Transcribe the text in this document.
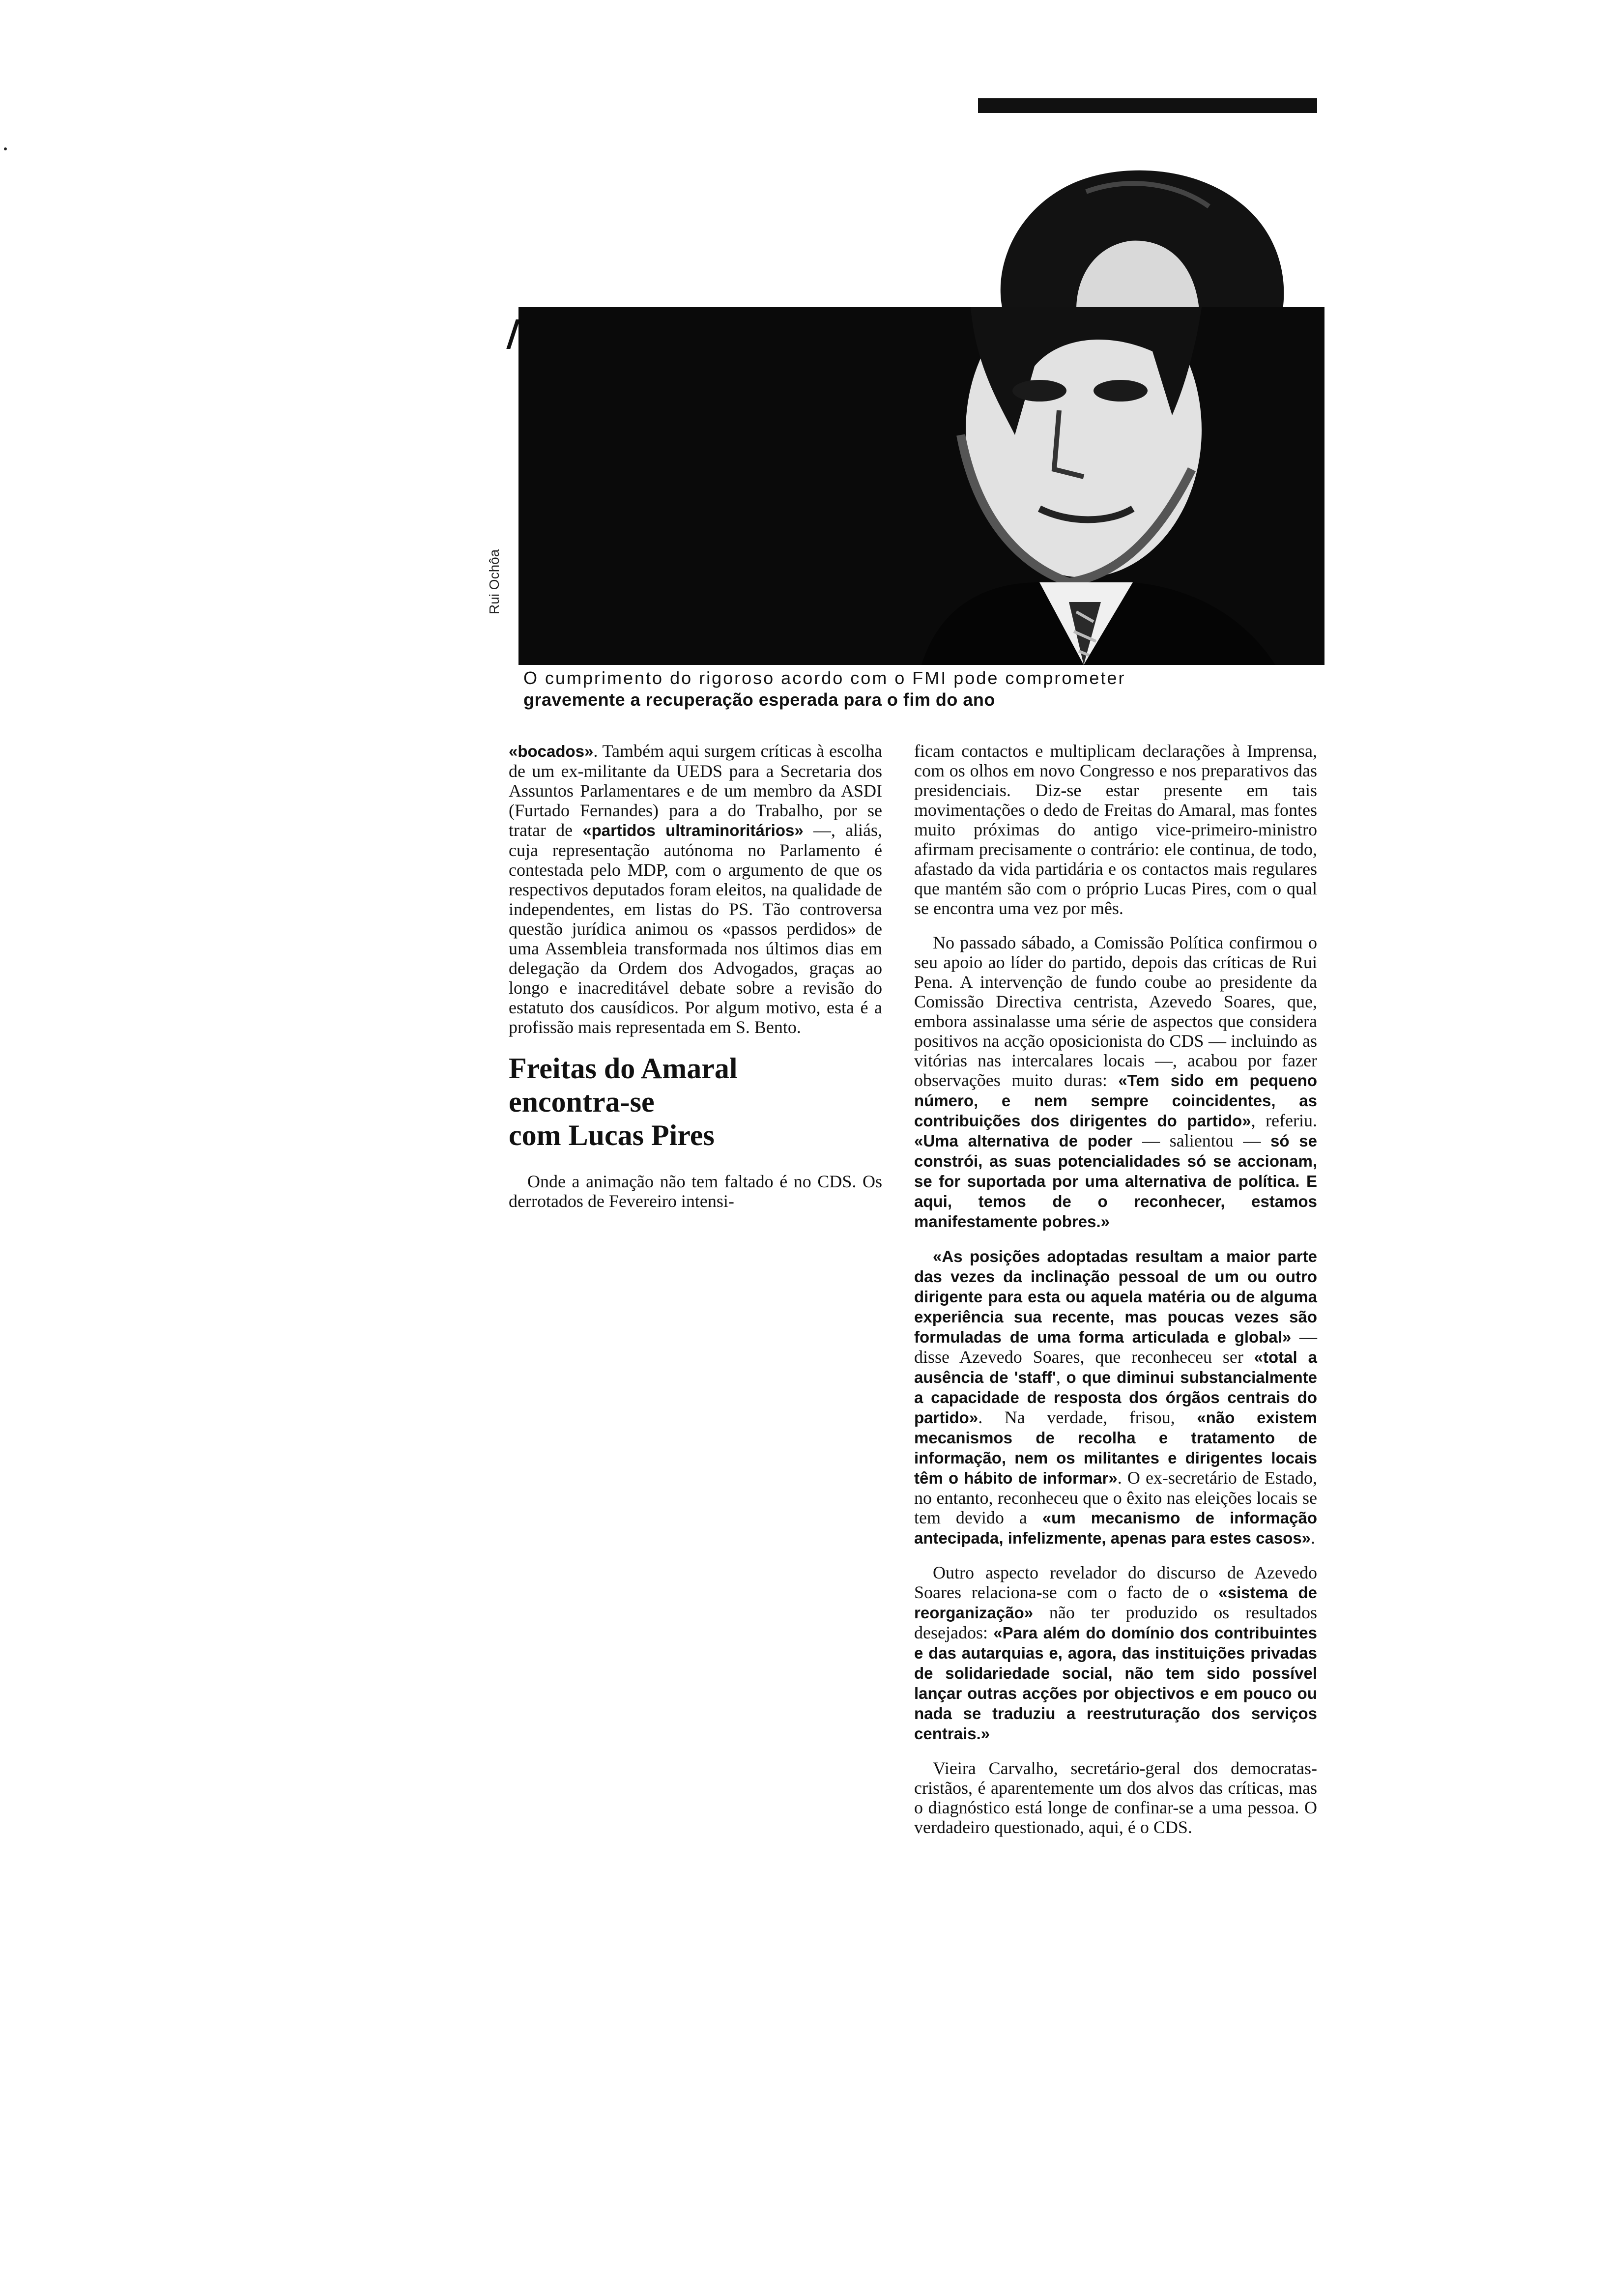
Rui Ochôa
O cumprimento do rigoroso acordo com o FMI pode comprometer
gravemente a recuperação esperada para o fim do ano

«bocados». Também aqui surgem críticas à escolha de um ex-militante da UEDS para a Secretaria dos Assuntos Parlamentares e de um membro da ASDI (Furtado Fernandes) para a do Trabalho, por se tratar de «partidos ultraminoritários» —, aliás, cuja representação autónoma no Parlamento é contestada pelo MDP, com o argumento de que os respectivos deputados foram eleitos, na qualidade de independentes, em listas do PS. Tão controversa questão jurídica animou os «passos perdidos» de uma Assembleia transformada nos últimos dias em delegação da Ordem dos Advogados, graças ao longo e inacreditável debate sobre a revisão do estatuto dos causídicos. Por algum motivo, esta é a profissão mais representada em S. Bento.

Freitas do Amaral
encontra-se
com Lucas Pires

Onde a animação não tem faltado é no CDS. Os derrotados de Fevereiro intensi-

ficam contactos e multiplicam declarações à Imprensa, com os olhos em novo Congresso e nos preparativos das presidenciais. Diz-se estar presente em tais movimentações o dedo de Freitas do Amaral, mas fontes muito próximas do antigo vice-primeiro-ministro afirmam precisamente o contrário: ele continua, de todo, afastado da vida partidária e os contactos mais regulares que mantém são com o próprio Lucas Pires, com o qual se encontra uma vez por mês.

No passado sábado, a Comissão Política confirmou o seu apoio ao líder do partido, depois das críticas de Rui Pena. A intervenção de fundo coube ao presidente da Comissão Directiva centrista, Azevedo Soares, que, embora assinalasse uma série de aspectos que considera positivos na acção oposicionista do CDS — incluindo as vitórias nas intercalares locais —, acabou por fazer observações muito duras: «Tem sido em pequeno número, e nem sempre coincidentes, as contribuições dos dirigentes do partido», referiu. «Uma alternativa de poder — salientou — só se constrói, as suas potencialidades só se accionam, se for suportada por uma alternativa de política. E aqui, temos de o reconhecer, estamos manifestamente pobres.»

«As posições adoptadas resultam a maior parte das vezes da inclinação pessoal de um ou outro dirigente para esta ou aquela matéria ou de alguma experiência sua recente, mas poucas vezes são formuladas de uma forma articulada e global» — disse Azevedo Soares, que reconheceu ser «total a ausência de 'staff', o que diminui substancialmente a capacidade de resposta dos órgãos centrais do partido». Na verdade, frisou, «não existem mecanismos de recolha e tratamento de informação, nem os militantes e dirigentes locais têm o hábito de informar». O ex-secretário de Estado, no entanto, reconheceu que o êxito nas eleições locais se tem devido a «um mecanismo de informação antecipada, infelizmente, apenas para estes casos».

Outro aspecto revelador do discurso de Azevedo Soares relaciona-se com o facto de o «sistema de reorganização» não ter produzido os resultados desejados: «Para além do domínio dos contribuintes e das autarquias e, agora, das instituições privadas de solidariedade social, não tem sido possível lançar outras acções por objectivos e em pouco ou nada se traduziu a reestruturação dos serviços centrais.»

Vieira Carvalho, secretário-geral dos democratas-cristãos, é aparentemente um dos alvos das críticas, mas o diagnóstico está longe de confinar-se a uma pessoa. O verdadeiro questionado, aqui, é o CDS.
